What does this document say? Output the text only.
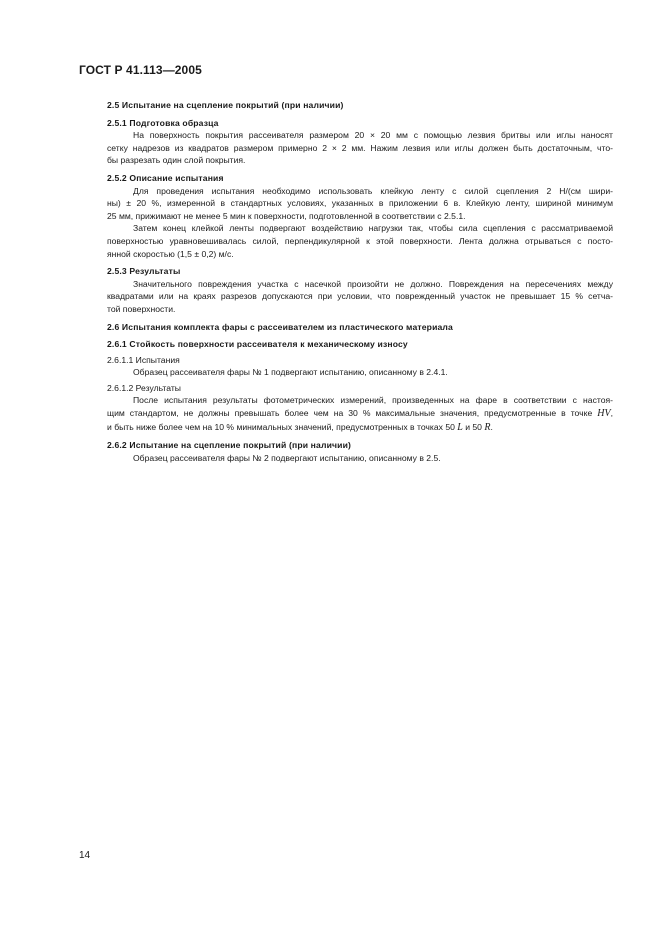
ГОСТ Р 41.113—2005
2.5 Испытание на сцепление покрытий (при наличии)
2.5.1 Подготовка образца
На поверхность покрытия рассеивателя размером 20 × 20 мм с помощью лезвия бритвы или иглы наносят
сетку надрезов из квадратов размером примерно 2 × 2 мм. Нажим лезвия или иглы должен быть достаточным, что-
бы разрезать один слой покрытия.
2.5.2 Описание испытания
Для проведения испытания необходимо использовать клейкую ленту с силой сцепления 2 Н/(см шири-
ны) ± 20 %, измеренной в стандартных условиях, указанных в приложении 6 в. Клейкую ленту, шириной минимум
25 мм, прижимают не менее 5 мин к поверхности, подготовленной в соответствии с 2.5.1.
Затем конец клейкой ленты подвергают воздействию нагрузки так, чтобы сила сцепления с рассматриваемой
поверхностью уравновешивалась силой, перпендикулярной к этой поверхности. Лента должна отрываться с посто-
янной скоростью (1,5 ± 0,2) м/с.
2.5.3 Результаты
Значительного повреждения участка с насечкой произойти не должно. Повреждения на пересечениях между
квадратами или на краях разрезов допускаются при условии, что поврежденный участок не превышает 15 % сетча-
той поверхности.
2.6 Испытания комплекта фары с рассеивателем из пластического материала
2.6.1 Стойкость поверхности рассеивателя к механическому износу
2.6.1.1 Испытания
Образец рассеивателя фары № 1 подвергают испытанию, описанному в 2.4.1.
2.6.1.2 Результаты
После испытания результаты фотометрических измерений, произведенных на фаре в соответствии с настоя-
щим стандартом, не должны превышать более чем на 30 % максимальные значения, предусмотренные в точке HV,
и быть ниже более чем на 10 % минимальных значений, предусмотренных в точках 50 L и 50 R.
2.6.2 Испытание на сцепление покрытий (при наличии)
Образец рассеивателя фары № 2 подвергают испытанию, описанному в 2.5.
14
